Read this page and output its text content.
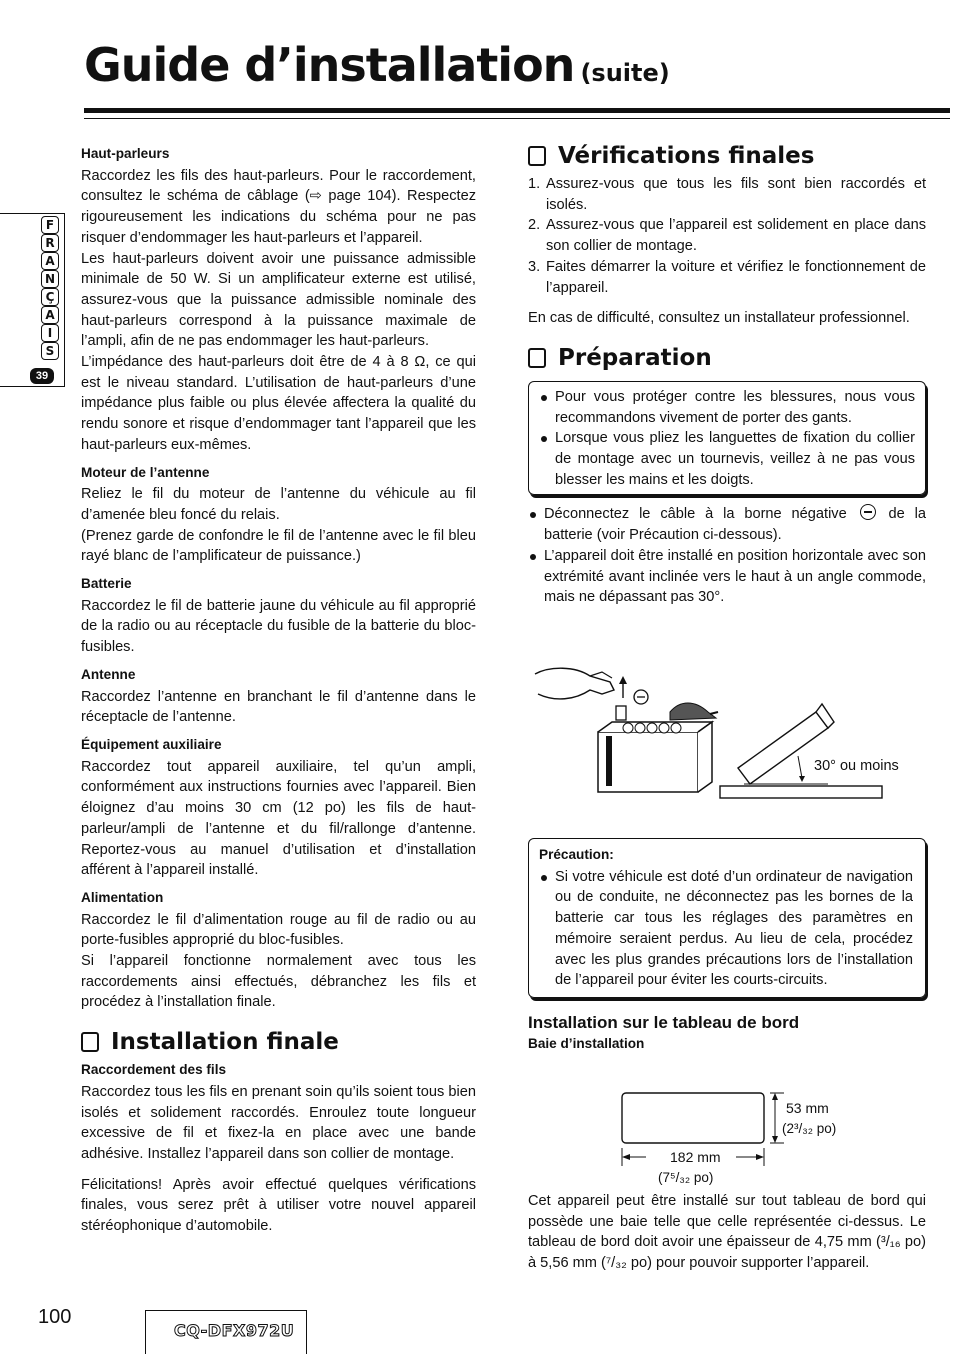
Guide d’installation (suite)
F
R
A
N
Ç
A
I
S
39
Haut-parleurs

Raccordez les fils des haut-parleurs. Pour le raccordement, consultez le schéma de câblage (⇨ page 104). Respectez rigoureusement les indications du schéma pour ne pas risquer d’endommager les haut-parleurs et l’appareil.

Les haut-parleurs doivent avoir une puissance admissible minimale de 50 W. Si un amplificateur externe est utilisé, assurez-vous que la puissance admissible nominale des haut-parleurs correspond à la puissance maximale de l’ampli, afin de ne pas endommager les haut-parleurs.

L’impédance des haut-parleurs doit être de 4 à 8 Ω, ce qui est le niveau standard. L’utilisation de haut-parleurs d’une impédance plus faible ou plus élevée affectera la qualité du rendu sonore et risque d’endommager tant l’appareil que les haut-parleurs eux-mêmes.

Moteur de l’antenne

Reliez le fil du moteur de l’antenne du véhicule au fil d’amenée bleu foncé du relais.

(Prenez garde de confondre le fil de l’antenne avec le fil bleu rayé blanc de l’amplificateur de puissance.)

Batterie

Raccordez le fil de batterie jaune du véhicule au fil approprié de la radio ou au réceptacle du fusible de la batterie du bloc-fusibles.

Antenne

Raccordez l’antenne en branchant le fil d’antenne dans le réceptacle de l’antenne.

Équipement auxiliaire

Raccordez tout appareil auxiliaire, tel qu’un ampli, conformément aux instructions fournies avec l’appareil. Bien éloignez d’au moins 30 cm (12 po) les fils de haut-parleur/ampli de l’antenne et du fil/rallonge d’antenne. Reportez-vous au manuel d’utilisation et d’installation afférent à l’appareil installé.

Alimentation

Raccordez le fil d’alimentation rouge au fil de radio ou au porte-fusibles approprié du bloc-fusibles.

Si l’appareil fonctionne normalement avec tous les raccordements ainsi effectués, débranchez les fils et procédez à l’installation finale.

Installation finale
Raccordement des fils

Raccordez tous les fils en prenant soin qu’ils soient tous bien isolés et solidement raccordés. Enroulez toute longueur excessive de fil et fixez-la en place avec une bande adhésive. Installez l’appareil dans son collier de montage.

Félicitations! Après avoir effectué quelques vérifications finales, vous serez prêt à utiliser votre nouvel appareil stéréophonique d’automobile.

Vérifications finales
1. Assurez-vous que tous les fils sont bien raccordés et isolés.
2. Assurez-vous que l’appareil est solidement en place dans son collier de montage.
3. Faites démarrer la voiture et vérifiez le fonctionnement de l’appareil.

En cas de difficulté, consultez un installateur professionnel.

Préparation
Pour vous protéger contre les blessures, nous vous recommandons vivement de porter des gants.
Lorsque vous pliez les languettes de fixation du collier de montage avec un tournevis, veillez à ne pas vous blesser les mains et les doigts.
Déconnectez le câble à la borne négative	de la batterie (voir Précaution ci-dessous).
L’appareil doit être installé en position horizontale avec son extrémité avant inclinée vers le haut à un angle commode, mais ne dépassant pas 30°.
30° ou moins
Précaution:
Si votre véhicule est doté d’un ordinateur de navigation ou de conduite, ne déconnectez pas les bornes de la batterie car tous les réglages des paramètres en mémoire seraient perdus. Au lieu de cela, procédez avec les plus grandes précautions lors de l’installation de l’appareil pour éviter les courts-circuits.
Installation sur le tableau de bord
Baie d’installation
53 mm
(2³/₃₂ po)
182 mm
(7⁵/₃₂ po)

Cet appareil peut être installé sur tout tableau de bord qui possède une baie telle que celle représentée ci-dessus. Le tableau de bord doit avoir une épaisseur de 4,75 mm (³/₁₆ po) à 5,56 mm (⁷/₃₂ po) pour pouvoir supporter l’appareil.

100
CQ-DFX972U
